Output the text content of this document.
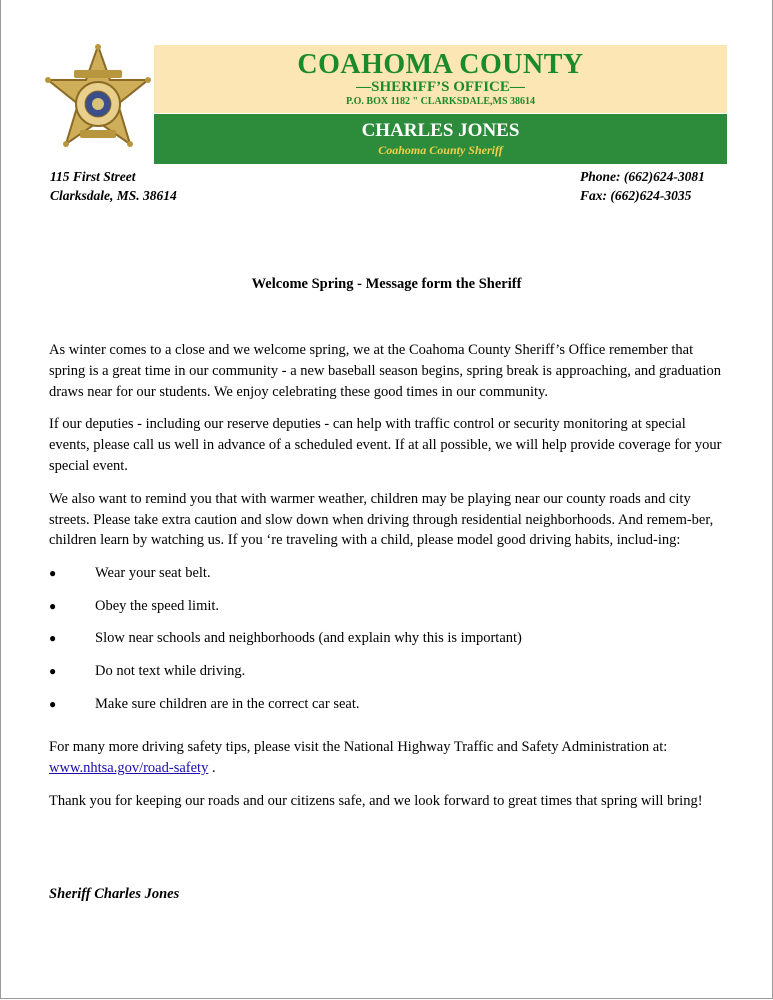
COAHOMA COUNTY
—SHERIFF’S OFFICE—
P.O. BOX 1182 " CLARKSDALE,MS 38614
CHARLES JONES
Coahoma County Sheriff
115 First Street
Clarksdale, MS. 38614
Phone: (662)624-3081
Fax: (662)624-3035
Welcome Spring - Message form the Sheriff

As winter comes to a close and we welcome spring, we at the Coahoma County Sheriff’s Office remember that spring is a great time in our community - a new baseball season begins, spring break is approaching, and graduation draws near for our students. We enjoy celebrating these good times in our community.

If our deputies - including our reserve deputies - can help with traffic control or security monitoring at special events, please call us well in advance of a scheduled event. If at all possible, we will help provide coverage for your special event.

We also want to remind you that with warmer weather, children may be playing near our county roads and city streets. Please take extra caution and slow down when driving through residential neighborhoods. And remem-ber, children learn by watching us. If you ‘re traveling with a child, please model good driving habits, includ-ing:

●	Wear your seat belt.
●	Obey the speed limit.
●	Slow near schools and neighborhoods (and explain why this is important)
●	Do not text while driving.
●	Make sure children are in the correct car seat.

For many more driving safety tips, please visit the National Highway Traffic and Safety Administration at:
www.nhtsa.gov/road-safety .

Thank you for keeping our roads and our citizens safe, and we look forward to great times that spring will bring!

Sheriff Charles Jones
